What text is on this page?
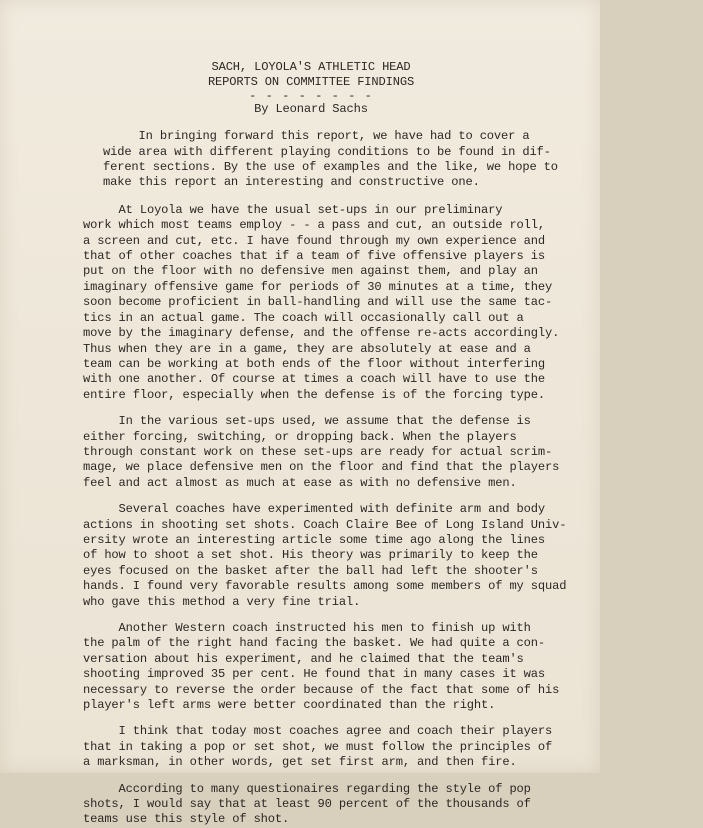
SACH, LOYOLA'S ATHLETIC HEAD
REPORTS ON COMMITTEE FINDINGS
- - - - - - - -
By Leonard Sachs
In bringing forward this report, we have had to cover a
wide area with different playing conditions to be found in dif-
ferent sections. By the use of examples and the like, we hope to
make this report an interesting and constructive one.
At Loyola we have the usual set-ups in our preliminary
work which most teams employ - - a pass and cut, an outside roll,
a screen and cut, etc. I have found through my own experience and
that of other coaches that if a team of five offensive players is
put on the floor with no defensive men against them, and play an
imaginary offensive game for periods of 30 minutes at a time, they
soon become proficient in ball-handling and will use the same tac-
tics in an actual game. The coach will occasionally call out a
move by the imaginary defense, and the offense re-acts accordingly.
Thus when they are in a game, they are absolutely at ease and a
team can be working at both ends of the floor without interfering
with one another. Of course at times a coach will have to use the
entire floor, especially when the defense is of the forcing type.
In the various set-ups used, we assume that the defense is
either forcing, switching, or dropping back. When the players
through constant work on these set-ups are ready for actual scrim-
mage, we place defensive men on the floor and find that the players
feel and act almost as much at ease as with no defensive men.
Several coaches have experimented with definite arm and body
actions in shooting set shots. Coach Claire Bee of Long Island Univ-
ersity wrote an interesting article some time ago along the lines
of how to shoot a set shot. His theory was primarily to keep the
eyes focused on the basket after the ball had left the shooter's
hands. I found very favorable results among some members of my squad
who gave this method a very fine trial.
Another Western coach instructed his men to finish up with
the palm of the right hand facing the basket. We had quite a con-
versation about his experiment, and he claimed that the team's
shooting improved 35 per cent. He found that in many cases it was
necessary to reverse the order because of the fact that some of his
player's left arms were better coordinated than the right.
I think that today most coaches agree and coach their players
that in taking a pop or set shot, we must follow the principles of
a marksman, in other words, get set first arm, and then fire.
According to many questionaires regarding the style of pop
shots, I would say that at least 90 percent of the thousands of
teams use this style of shot.
